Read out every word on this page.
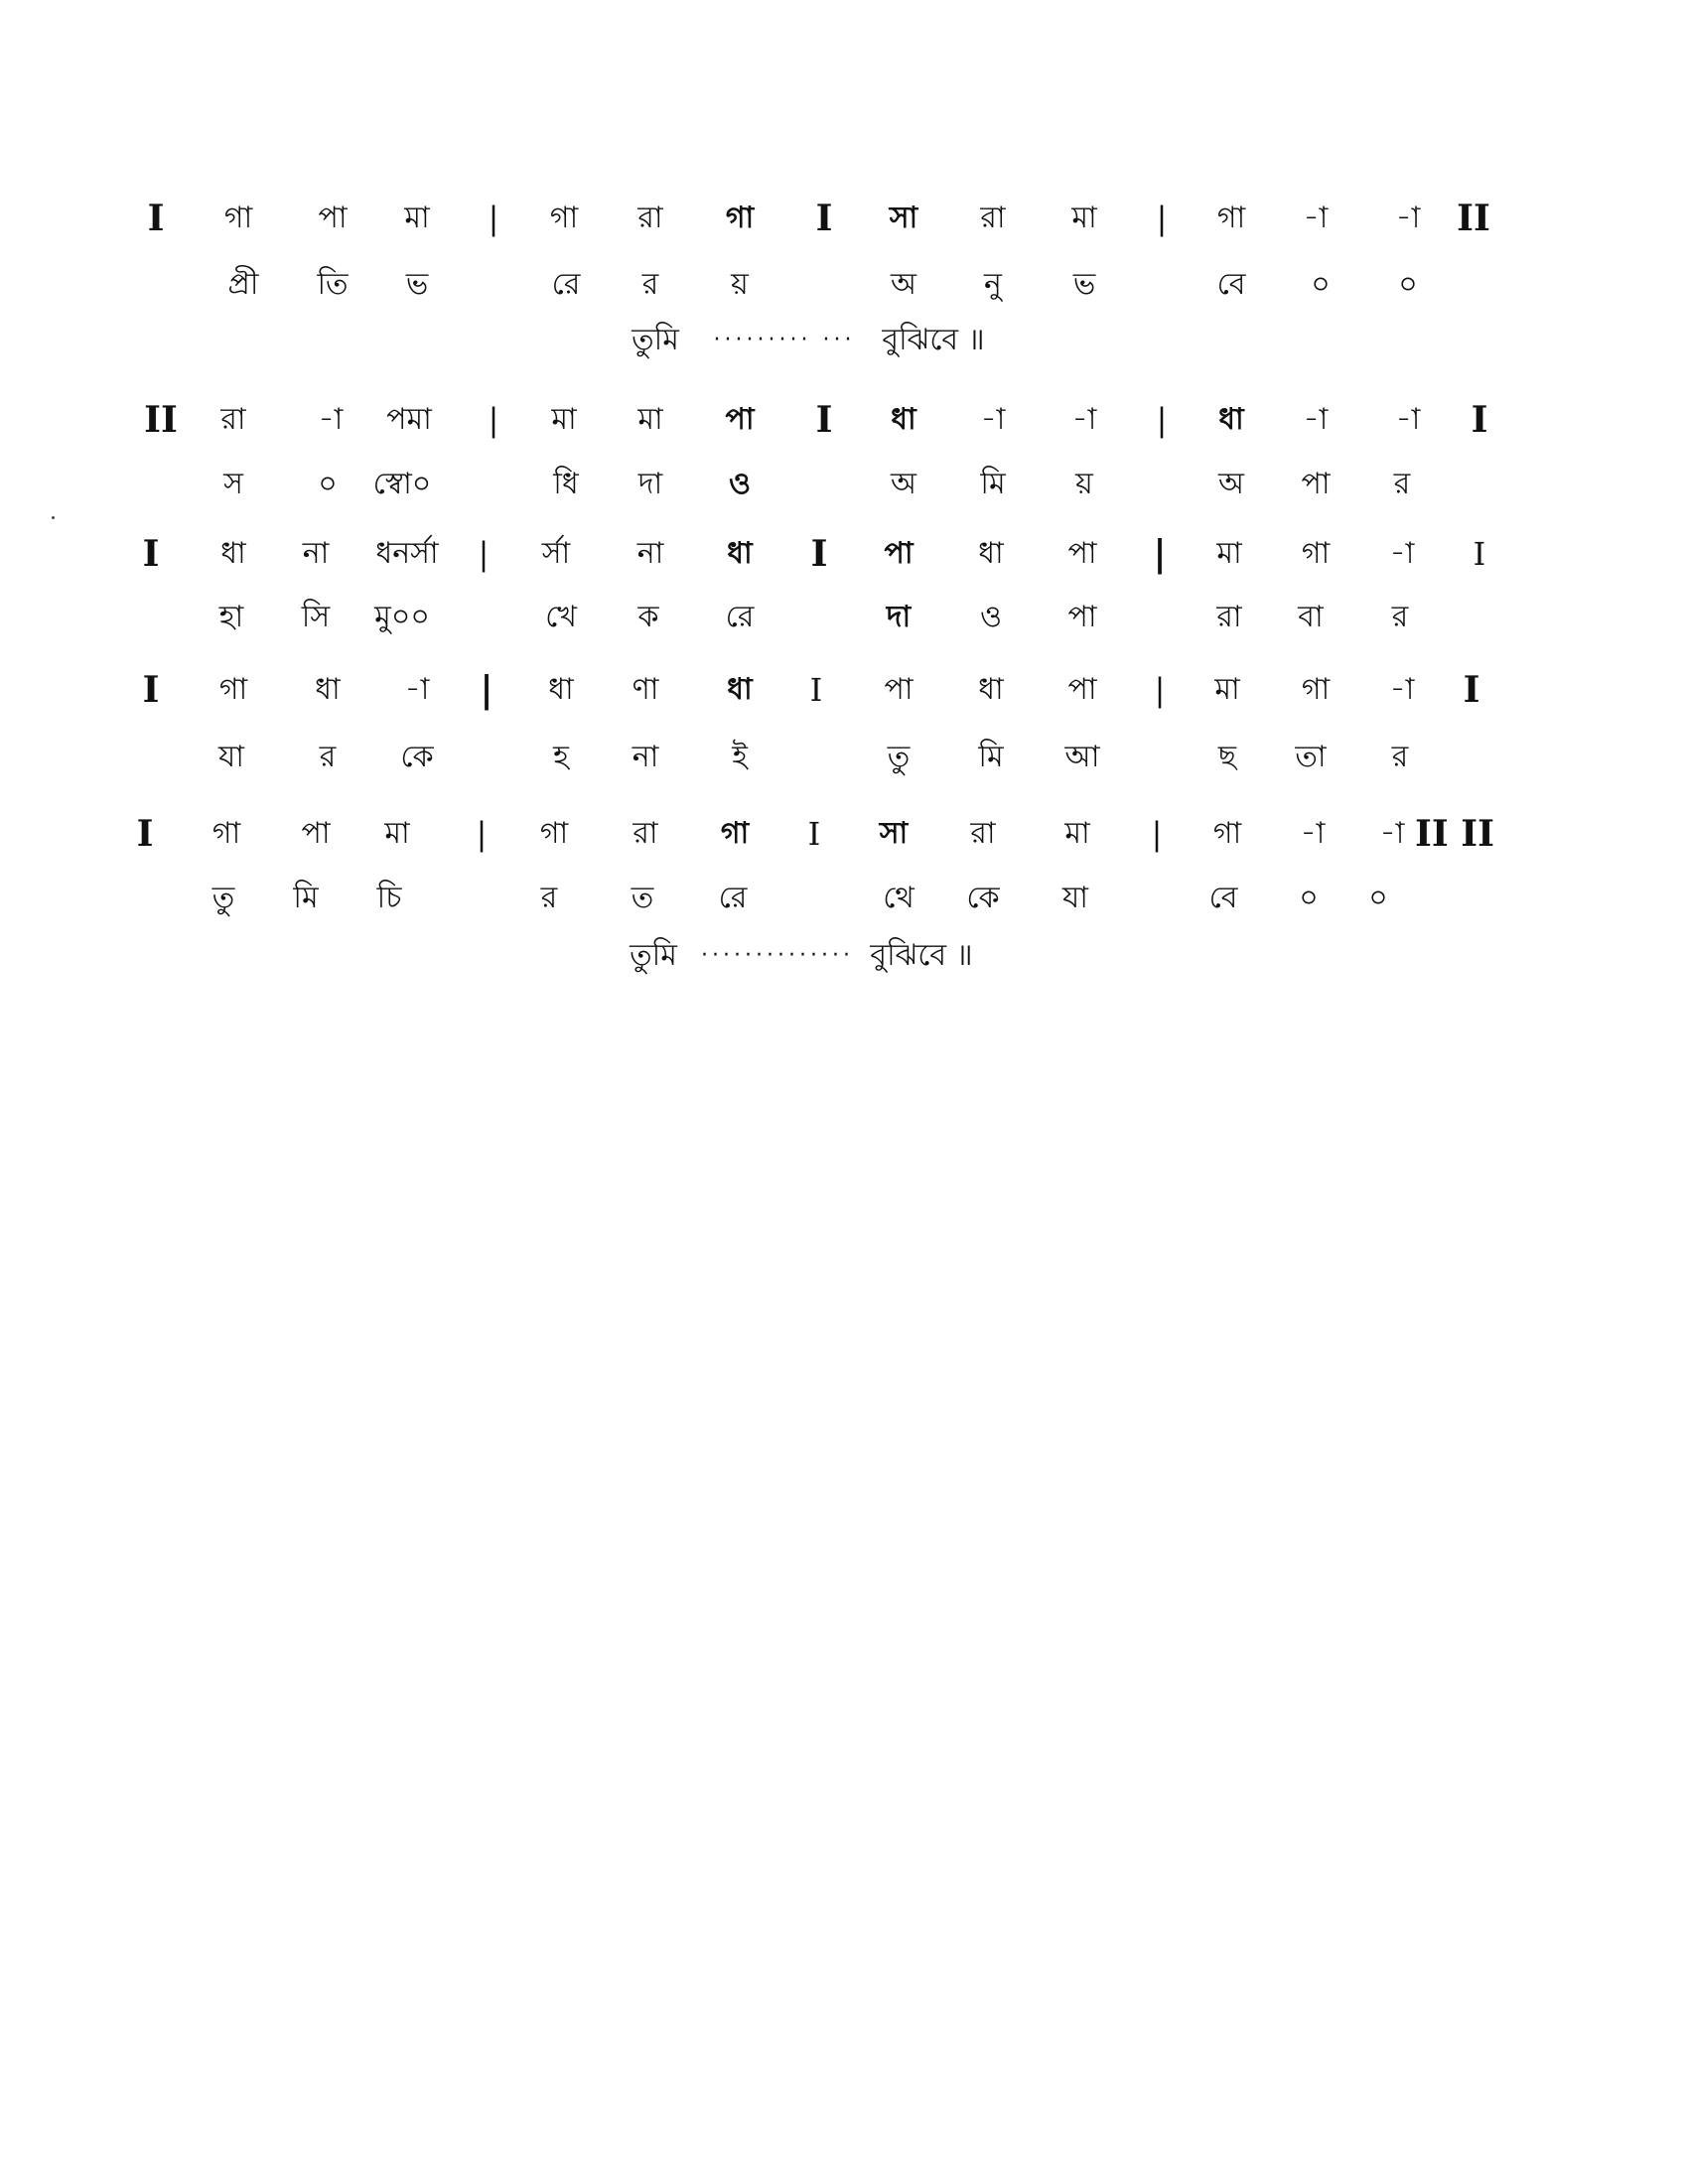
I গা পা মা | গা রা গা I সা রা মা | গা -া -া II
প্রী তি ভ	রে র য়	অ নু ভ	বে ০ ০
তুমি ········· ··· বুঝিবে ॥
II রা -া পমা | মা মা পা I ধা -া -া | ধা -া -া I
স	০ স্বো০	ধি দা ও	অ মি য়	অ পা র
I ধা না ধনর্সা | র্সা না ধা I পা ধা পা | মা গা -া I
হা সি মু০০	খে ক রে	দা ও পা	রা বা র
I গা ধা -া | ধা ণা ধা I পা ধা পা | মা গা -া I
যা	র কে	হ না ই	তু মি আ	ছ তা র
I গা পা মা | গা রা গা I সা রা মা | গা -া -া II II
তু মি চি	র ত রে	থে কে যা	বে ০ ০
তুমি ·············· বুঝিবে ॥
